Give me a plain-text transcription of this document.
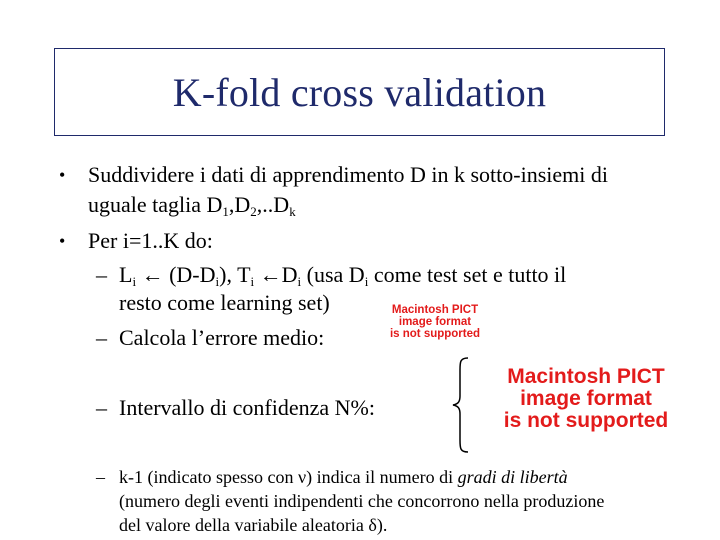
K-fold cross validation
• Suddividere i dati di apprendimento D in k sotto-insiemi di
uguale taglia $D_1,D_2,..D_k$
• Per i=1..K do:
– $L_i$ ← $(D-D_i)$, $T_i$ $\leftarrow D_i$ (usa $D_i$ come test set e tutto il
resto come learning set)	Macintosh PICT
image format
is not supported
– Calcola l’errore medio:
– Intervallo di confidenza N%:
Macintosh PICT
image format
is not supported
– k-1 (indicato spesso con ν) indica il numero di gradi di libertà
(numero degli eventi indipendenti che concorrono nella produzione
del valore della variabile aleatoria δ).
